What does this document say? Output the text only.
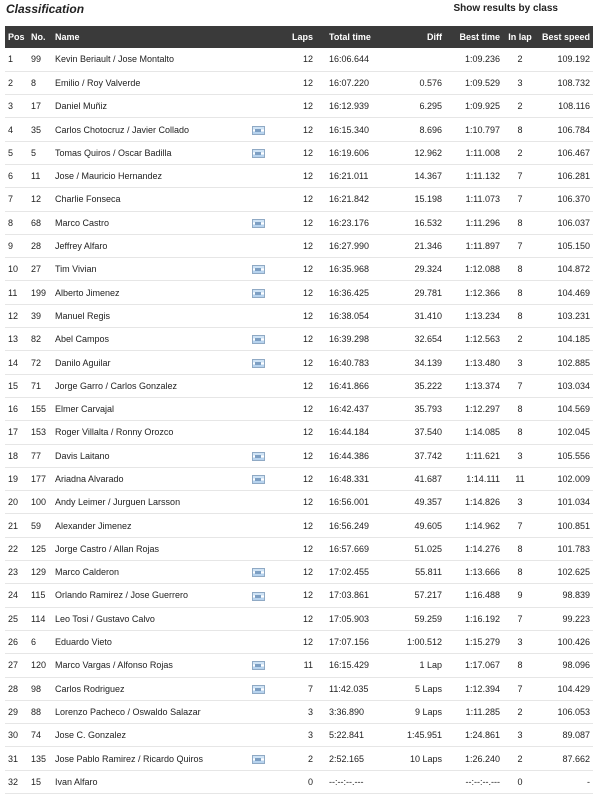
Classification	Show results by class
Pos	No.	Name		Laps	Total time	Diff	Best time	In lap	Best speed
1	99	Kevin Beriault / Jose Montalto		12	16:06.644		1:09.236	2	109.192
2	8	Emilio / Roy Valverde		12	16:07.220	0.576	1:09.529	3	108.732
3	17	Daniel Muñiz		12	16:12.939	6.295	1:09.925	2	108.116
4	35	Carlos Chotocruz / Javier Collado		12	16:15.340	8.696	1:10.797	8	106.784
5	5	Tomas Quiros / Oscar Badilla		12	16:19.606	12.962	1:11.008	2	106.467
6	11	Jose / Mauricio Hernandez		12	16:21.011	14.367	1:11.132	7	106.281
7	12	Charlie Fonseca		12	16:21.842	15.198	1:11.073	7	106.370
8	68	Marco Castro		12	16:23.176	16.532	1:11.296	8	106.037
9	28	Jeffrey Alfaro		12	16:27.990	21.346	1:11.897	7	105.150
10	27	Tim Vivian		12	16:35.968	29.324	1:12.088	8	104.872
11	199	Alberto Jimenez		12	16:36.425	29.781	1:12.366	8	104.469
12	39	Manuel Regis		12	16:38.054	31.410	1:13.234	8	103.231
13	82	Abel Campos		12	16:39.298	32.654	1:12.563	2	104.185
14	72	Danilo Aguilar		12	16:40.783	34.139	1:13.480	3	102.885
15	71	Jorge Garro / Carlos Gonzalez		12	16:41.866	35.222	1:13.374	7	103.034
16	155	Elmer Carvajal		12	16:42.437	35.793	1:12.297	8	104.569
17	153	Roger Villalta / Ronny Orozco		12	16:44.184	37.540	1:14.085	8	102.045
18	77	Davis Laitano		12	16:44.386	37.742	1:11.621	3	105.556
19	177	Ariadna Alvarado		12	16:48.331	41.687	1:14.111	11	102.009
20	100	Andy Leimer / Jurguen Larsson		12	16:56.001	49.357	1:14.826	3	101.034
21	59	Alexander Jimenez		12	16:56.249	49.605	1:14.962	7	100.851
22	125	Jorge Castro / Allan Rojas		12	16:57.669	51.025	1:14.276	8	101.783
23	129	Marco Calderon		12	17:02.455	55.811	1:13.666	8	102.625
24	115	Orlando Ramirez / Jose Guerrero		12	17:03.861	57.217	1:16.488	9	98.839
25	114	Leo Tosi / Gustavo Calvo		12	17:05.903	59.259	1:16.192	7	99.223
26	6	Eduardo Vieto		12	17:07.156	1:00.512	1:15.279	3	100.426
27	120	Marco Vargas / Alfonso Rojas		11	16:15.429	1 Lap	1:17.067	8	98.096
28	98	Carlos Rodriguez		7	11:42.035	5 Laps	1:12.394	7	104.429
29	88	Lorenzo Pacheco / Oswaldo Salazar		3	3:36.890	9 Laps	1:11.285	2	106.053
30	74	Jose C. Gonzalez		3	5:22.841	1:45.951	1:24.861	3	89.087
31	135	Jose Pablo Ramirez / Ricardo Quiros		2	2:52.165	10 Laps	1:26.240	2	87.662
32	15	Ivan Alfaro		0	--:--:--.---		--:--:--.---	0	-
